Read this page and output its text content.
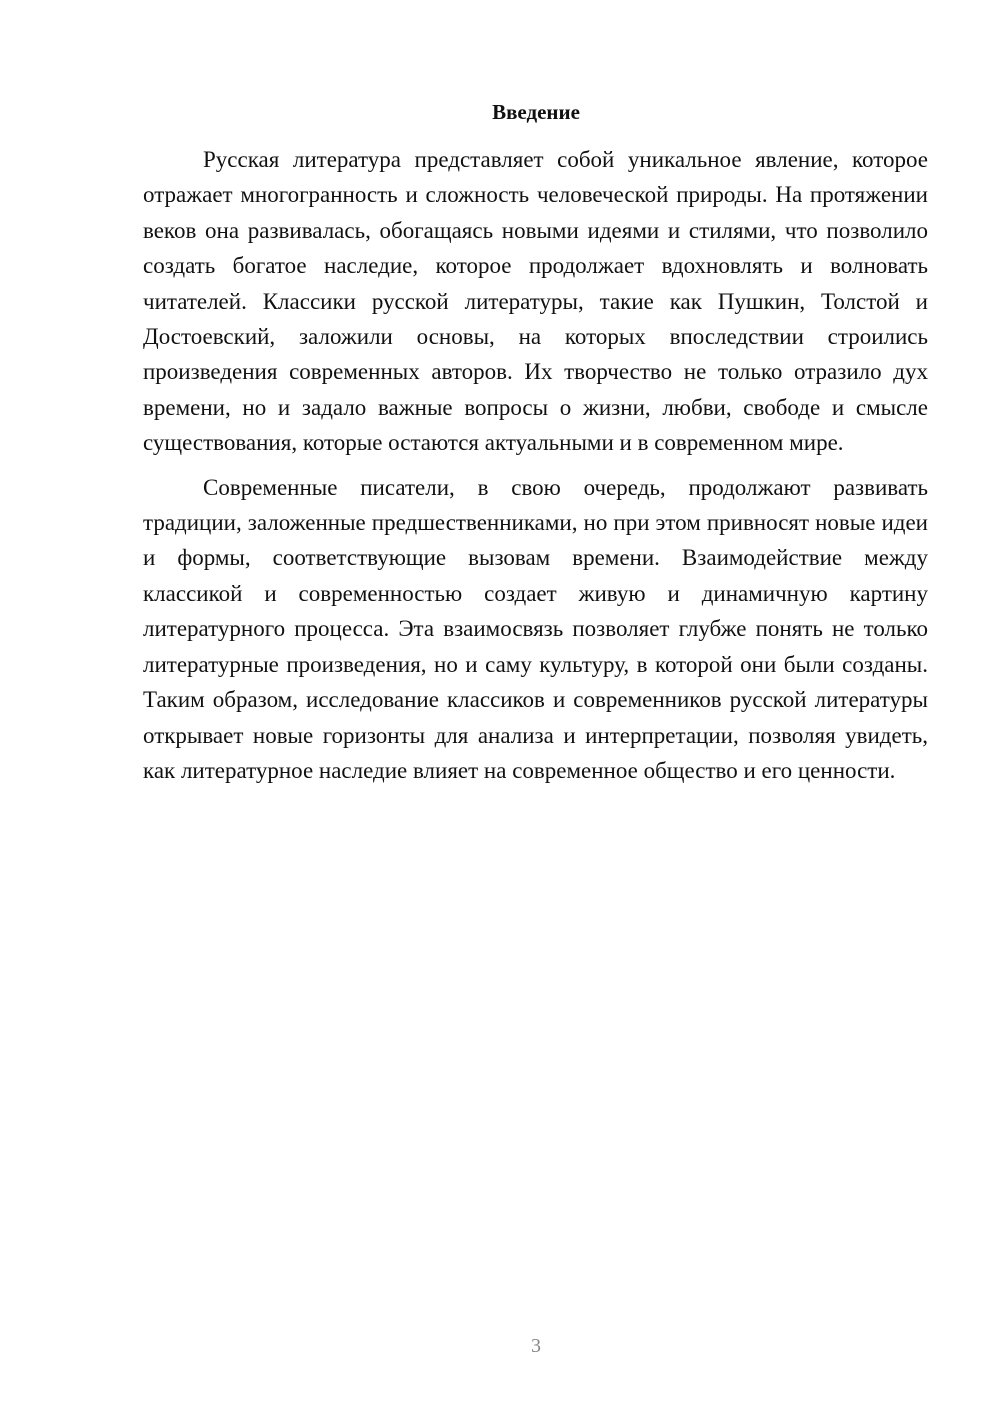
Введение

Русская литература представляет собой уникальное явление, которое отражает многогранность и сложность человеческой природы. На протяжении веков она развивалась, обогащаясь новыми идеями и стилями, что позволило создать богатое наследие, которое продолжает вдохновлять и волновать читателей. Классики русской литературы, такие как Пушкин, Толстой и Достоевский, заложили основы, на которых впоследствии строились произведения современных авторов. Их творчество не только отразило дух времени, но и задало важные вопросы о жизни, любви, свободе и смысле существования, которые остаются актуальными и в современном мире.

Современные писатели, в свою очередь, продолжают развивать традиции, заложенные предшественниками, но при этом привносят новые идеи и формы, соответствующие вызовам времени. Взаимодействие между классикой и современностью создает живую и динамичную картину литературного процесса. Эта взаимосвязь позволяет глубже понять не только литературные произведения, но и саму культуру, в которой они были созданы. Таким образом, исследование классиков и современников русской литературы открывает новые горизонты для анализа и интерпретации, позволяя увидеть, как литературное наследие влияет на современное общество и его ценности.

3
